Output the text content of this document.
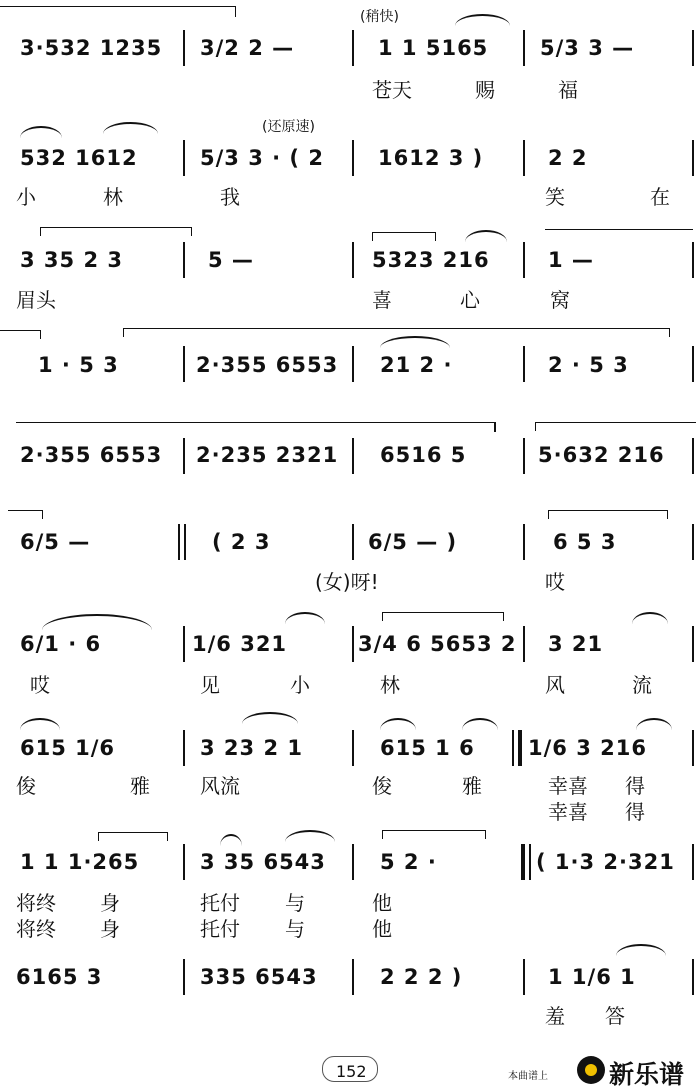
(稍快)
3·532 1235 3/2 2 —	1 1 5165 5/3 3 —
苍天	赐	福
(还原速)
532 1612	5/3 3 · ( 2	1612 3 )	2 2
小	林	我	笑	在
3 35 2 3	5 —	5323 216	1 —
眉头	喜	心	窝
1 · 5 3	2·355 6553 21 2 ·	2 · 5 3
2·355 6553 2·235 2321 6516 5	5·632 216
6/5 —	( 2 3	6/5 — )	6 5 3
(女)呀!	哎
6/1 · 6	1/6 321	3/4 6 5653 2 3 21
哎	见	小	林	风	流
615 1/6	3 23 2 1	615 1 6	1/6 3 216
俊	雅	风流	俊	雅	幸喜 得
幸喜 得
1 1 1·265	3 35 6543	5 2 ·	( 1·3 2·321
将终 身	托付 与	他
将终 身	托付 与	他
6165 3	335 6543	2 2 2 )	1 1/6 1
羞 答
152	本曲谱上 新乐谱
